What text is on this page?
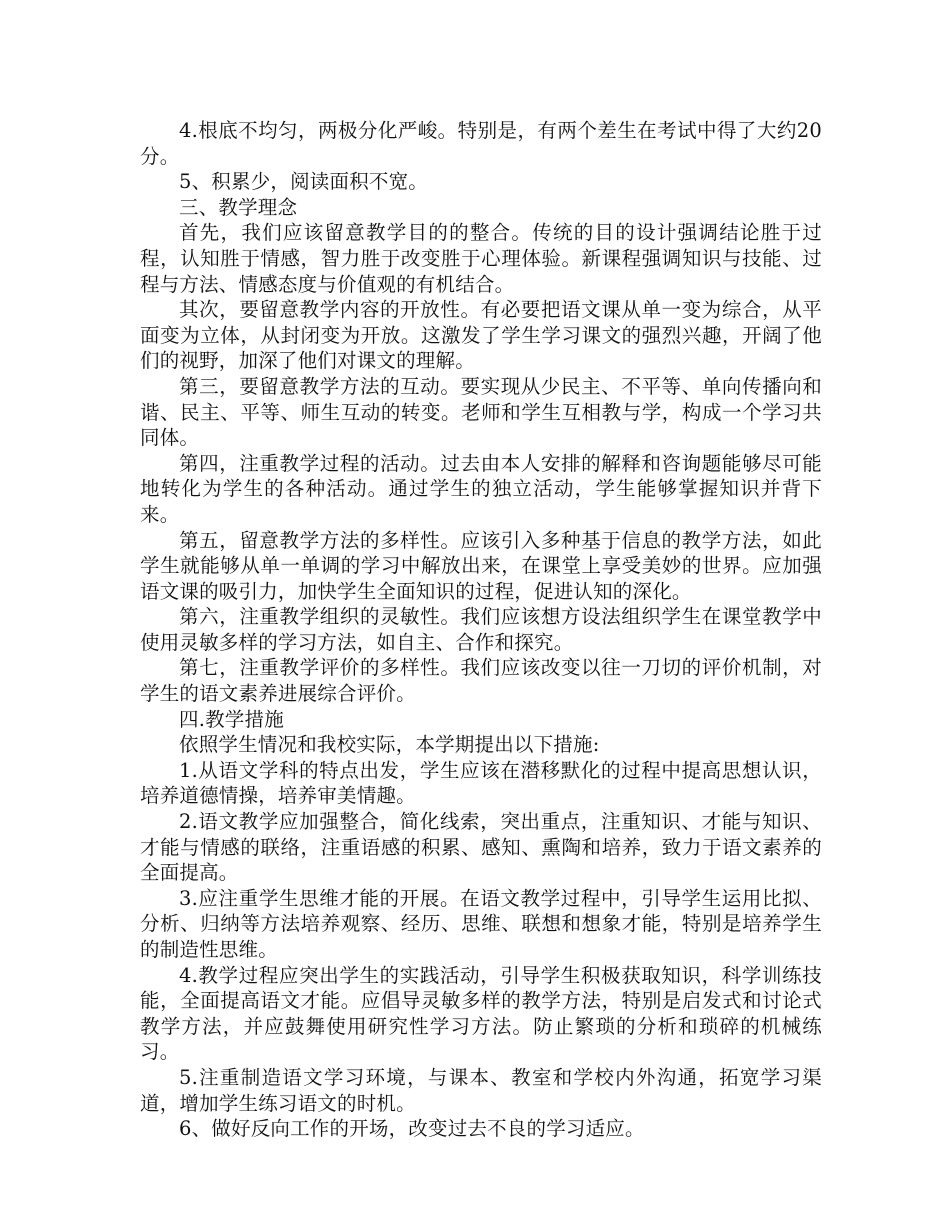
4.根底不均匀，两极分化严峻。特别是，有两个差生在考试中得了大约20分。

5、积累少，阅读面积不宽。

三、教学理念

首先，我们应该留意教学目的的整合。传统的目的设计强调结论胜于过程，认知胜于情感，智力胜于改变胜于心理体验。新课程强调知识与技能、过程与方法、情感态度与价值观的有机结合。

其次，要留意教学内容的开放性。有必要把语文课从单一变为综合，从平面变为立体，从封闭变为开放。这激发了学生学习课文的强烈兴趣，开阔了他们的视野，加深了他们对课文的理解。

第三，要留意教学方法的互动。要实现从少民主、不平等、单向传播向和谐、民主、平等、师生互动的转变。老师和学生互相教与学，构成一个学习共同体。

第四，注重教学过程的活动。过去由本人安排的解释和咨询题能够尽可能地转化为学生的各种活动。通过学生的独立活动，学生能够掌握知识并背下来。

第五，留意教学方法的多样性。应该引入多种基于信息的教学方法，如此学生就能够从单一单调的学习中解放出来，在课堂上享受美妙的世界。应加强语文课的吸引力，加快学生全面知识的过程，促进认知的深化。

第六，注重教学组织的灵敏性。我们应该想方设法组织学生在课堂教学中使用灵敏多样的学习方法，如自主、合作和探究。

第七，注重教学评价的多样性。我们应该改变以往一刀切的评价机制，对学生的语文素养进展综合评价。

四.教学措施

依照学生情况和我校实际，本学期提出以下措施:

1.从语文学科的特点出发，学生应该在潜移默化的过程中提高思想认识，培养道德情操，培养审美情趣。

2.语文教学应加强整合，简化线索，突出重点，注重知识、才能与知识、才能与情感的联络，注重语感的积累、感知、熏陶和培养，致力于语文素养的全面提高。

3.应注重学生思维才能的开展。在语文教学过程中，引导学生运用比拟、分析、归纳等方法培养观察、经历、思维、联想和想象才能，特别是培养学生的制造性思维。

4.教学过程应突出学生的实践活动，引导学生积极获取知识，科学训练技能，全面提高语文才能。应倡导灵敏多样的教学方法，特别是启发式和讨论式教学方法，并应鼓舞使用研究性学习方法。防止繁琐的分析和琐碎的机械练习。

5.注重制造语文学习环境，与课本、教室和学校内外沟通，拓宽学习渠道，增加学生练习语文的时机。

6、做好反向工作的开场，改变过去不良的学习适应。
